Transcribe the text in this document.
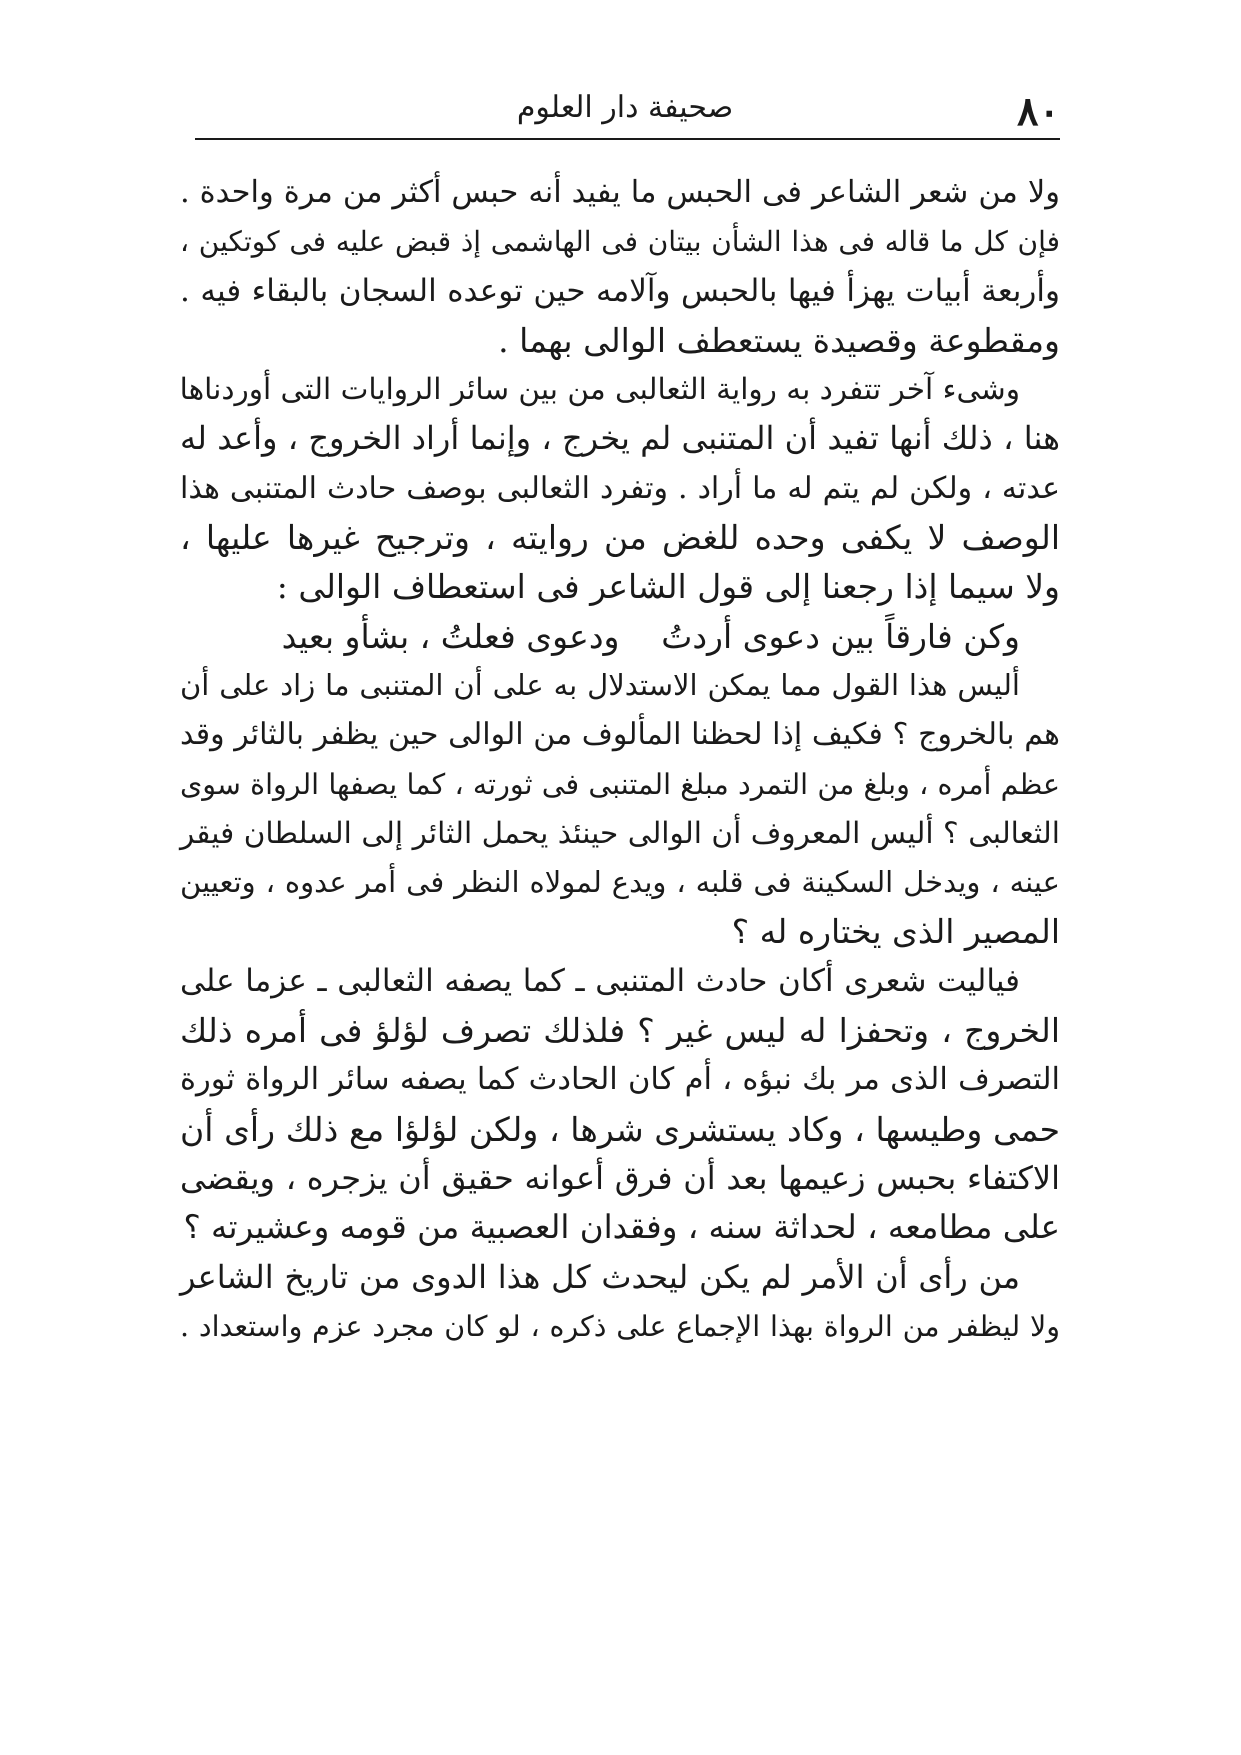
٨٠
صحيفة دار العلوم
ولا من شعر الشاعر فى الحبس ما يفيد أنه حبس أكثر من مرة واحدة .
فإن كل ما قاله فى هذا الشأن بيتان فى الهاشمى إذ قبض عليه فى كوتكين ،
وأربعة أبيات يهزأ فيها بالحبس وآلامه حين توعده السجان بالبقاء فيه .
ومقطوعة وقصيدة يستعطف الوالى بهما .
وشىء آخر تتفرد به رواية الثعالبى من بين سائر الروايات التى أوردناها
هنا ، ذلك أنها تفيد أن المتنبى لم يخرج ، وإنما أراد الخروج ، وأعد له
عدته ، ولكن لم يتم له ما أراد . وتفرد الثعالبى بوصف حادث المتنبى هذا
الوصف لا يكفى وحده للغض من روايته ، وترجيح غيرها عليها ،
ولا سيما إذا رجعنا إلى قول الشاعر فى استعطاف الوالى :
وكن فارقاً بين دعوى أردتُ ودعوى فعلتُ ، بشأو بعيد
أليس هذا القول مما يمكن الاستدلال به على أن المتنبى ما زاد على أن
هم بالخروج ؟ فكيف إذا لحظنا المألوف من الوالى حين يظفر بالثائر وقد
عظم أمره ، وبلغ من التمرد مبلغ المتنبى فى ثورته ، كما يصفها الرواة سوى
الثعالبى ؟ أليس المعروف أن الوالى حينئذ يحمل الثائر إلى السلطان فيقر
عينه ، ويدخل السكينة فى قلبه ، ويدع لمولاه النظر فى أمر عدوه ، وتعيين
المصير الذى يختاره له ؟
فياليت شعرى أكان حادث المتنبى ـ كما يصفه الثعالبى ـ عزما على
الخروج ، وتحفزا له ليس غير ؟ فلذلك تصرف لؤلؤ فى أمره ذلك
التصرف الذى مر بك نبؤه ، أم كان الحادث كما يصفه سائر الرواة ثورة
حمى وطيسها ، وكاد يستشرى شرها ، ولكن لؤلؤا مع ذلك رأى أن
الاكتفاء بحبس زعيمها بعد أن فرق أعوانه حقيق أن يزجره ، ويقضى
على مطامعه ، لحداثة سنه ، وفقدان العصبية من قومه وعشيرته ؟
من رأى أن الأمر لم يكن ليحدث كل هذا الدوى من تاريخ الشاعر
ولا ليظفر من الرواة بهذا الإجماع على ذكره ، لو كان مجرد عزم واستعداد .
